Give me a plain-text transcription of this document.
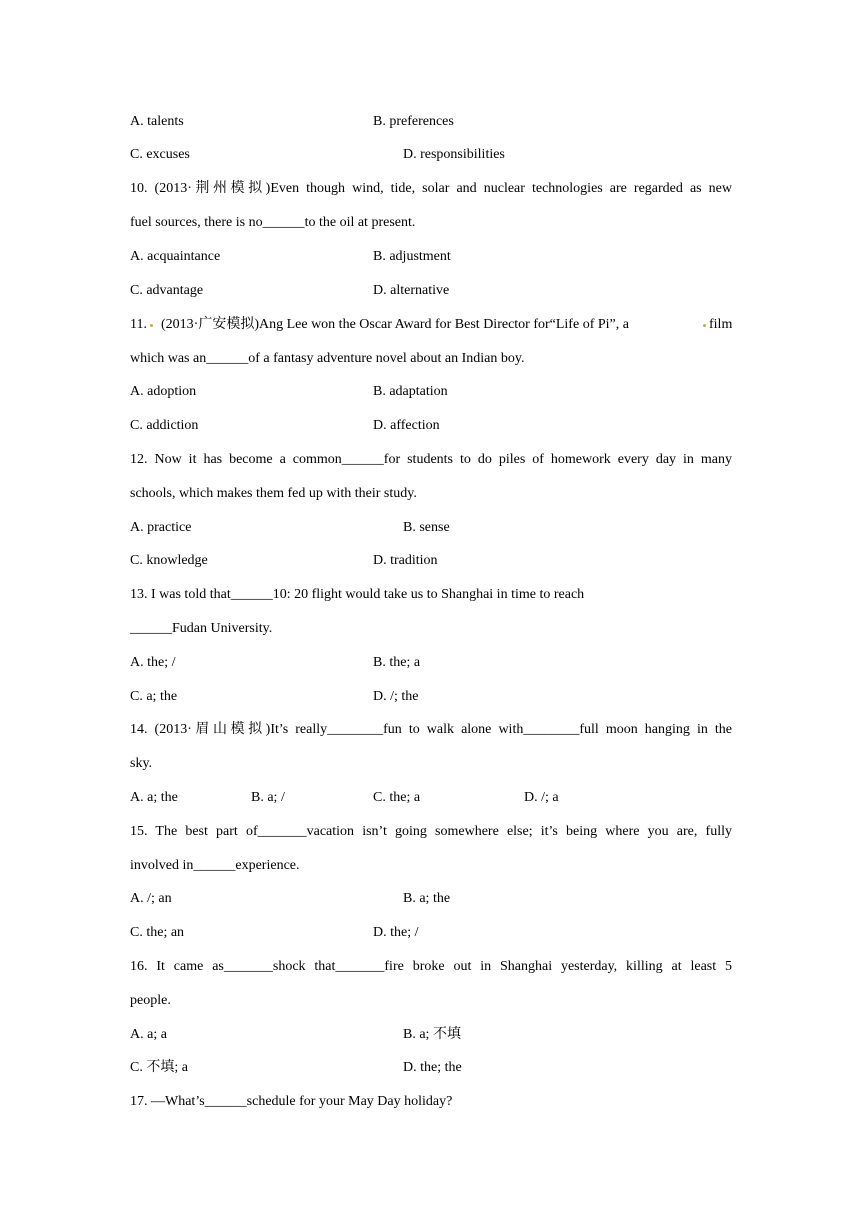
A. talents	B. preferences
C. excuses	D. responsibilities
10. (2013·荆州模拟)Even though wind, tide, solar and nuclear technologies are regarded as new
fuel sources, there is no______to the oil at present.
A. acquaintance	B. adjustment
C. advantage	D. alternative
11.	(2013·广安模拟)Ang Lee won the Oscar Award for Best Director for“Life of Pi”, a	film
which was an______of a fantasy adventure novel about an Indian boy.
A. adoption	B. adaptation
C. addiction	D. affection
12. Now it has become a common______for students to do piles of homework every day in many
schools, which makes them fed up with their study.
A. practice	B. sense
C. knowledge	D. tradition
13. I was told that______10: 20 flight would take us to Shanghai in time to reach
______Fudan University.
A. the; /	B. the; a
C. a; the	D. /; the
14. (2013·眉山模拟)It’s really________fun to walk alone with________full moon hanging in the
sky.
A. a; the	B. a; /	C. the; a	D. /; a
15. The best part of_______vacation isn’t going somewhere else; it’s being where you are, fully
involved in______experience.
A. /; an	B. a; the
C. the; an	D. the; /
16. It came as_______shock that_______fire broke out in Shanghai yesterday, killing at least 5
people.
A. a; a	B. a; 不填
C. 不填; a	D. the; the
17. —What’s______schedule for your May Day holiday?
